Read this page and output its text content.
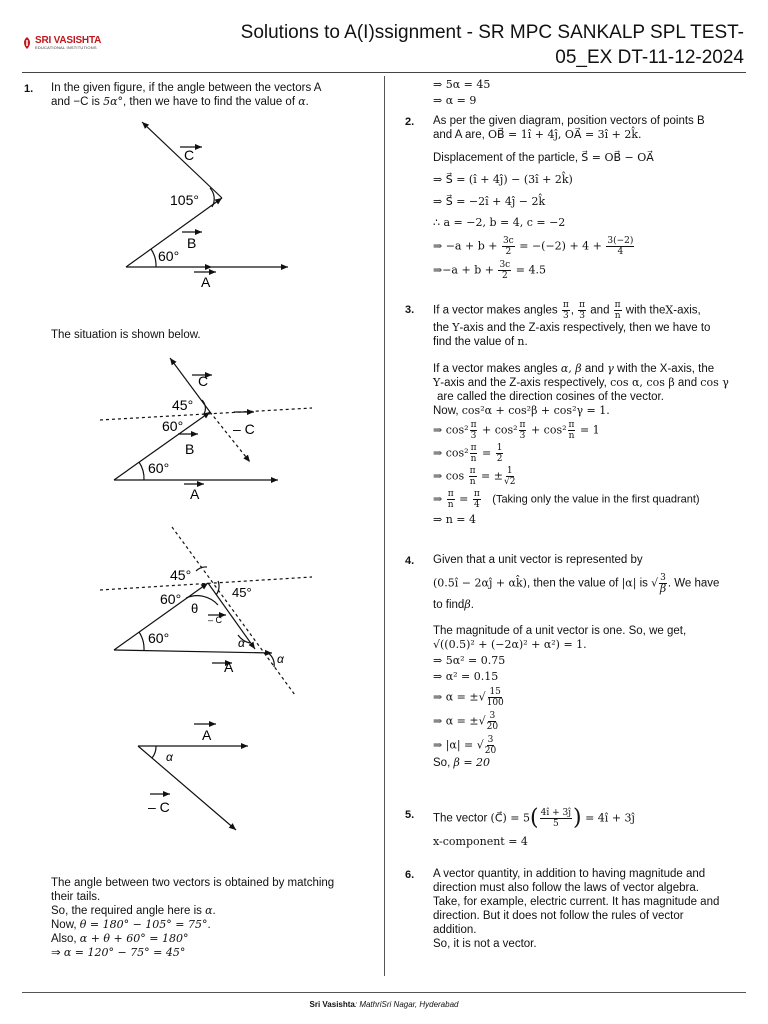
SRI VASISHTA
EDUCATIONAL INSTITUTIONS
Solutions to A(I)ssignment - SR MPC SANKALP SPL TEST-
05_EX DT-11-12-2024
1. In the given figure, if the angle between the vectors A
and −C is 5α°, then we have to find the value of α.
C
B
A
105°
60°
The situation is shown below.
C
B
A
– C
45°
60°
60°
45°
45°
60°
60°
θ
– C
α
α
A
A
– C
α
The angle between two vectors is obtained by matching
their tails.
So, the required angle here is α.
Now, θ = 180° − 105° = 75°.
Also, α + θ + 60° = 180°
⇒ α = 120° − 75° = 45°
⇒ 5α = 45
⇒ α = 9
2. As per the given diagram, position vectors of points B
and A are, OB⃗ = 1î + 4ĵ, OA⃗ = 3î + 2k̂.
Displacement of the particle, S⃗ = OB⃗ − OA⃗
⇒ S⃗ = (î + 4ĵ) − (3î + 2k̂)
⇒ S⃗ = −2î + 4ĵ − 2k̂
∴ a = −2, b = 4, c = −2
⇒ $-a + b + \frac{3c}{2} = -(-2) + 4 + \frac{3(-2)}{4}$
⇒−a + $b + \frac{3c}{2} = 4.5$
3. If a vector makes angles $\frac{\pi}{3}$ , $\frac{\pi}{3}$ and $\frac{\pi}{n}$ with theX-axis,
the Y-axis and the Z-axis respectively, then we have to
find the value of n.
If a vector makes angles α, β and γ with the X-axis, the
Y-axis and the Z-axis respectively, cos α, cos β and cos γ
are called the direction cosines of the vector.
Now, cos²α + cos²β + cos²γ = 1.
⇒ $\cos^2 \frac{\pi}{3} + \cos^2 \frac{\pi}{3} + \cos^2 \frac{\pi}{n} = 1$
⇒ $\cos^2 \frac{\pi}{n} = \frac{1}{2}$
⇒ $\cos \frac{\pi}{n}$ = ± $\frac{1}{√2}$
⇒ $\frac{\pi}{n} = \frac{\pi}{4}$ (Taking only the value in the first quadrant)
⇒ n = 4
4. Given that a unit vector is represented by
(0.5î − 2αĵ + αk̂), then the value of |α| is √ $\frac{3}{\beta}$ . We have
to findβ.
The magnitude of a unit vector is one. So, we get,
√((0.5)² + (−2α)² + α²) = 1.
⇒ 5α² = 0.75
⇒ α² = 0.15
⇒ α = ±√ $\frac{15}{100}$
⇒ α = ±√ $\frac{3}{20}$
⇒ |α| = √ $\frac{3}{20}$
So, β = 20
5. The vector (C⃗) = $5( \frac{4î + 3ĵ}{5}$ ) = 4î + 3ĵ
x-component = 4
6. A vector quantity, in addition to having magnitude and
direction must also follow the laws of vector algebra.
Take, for example, electric current. It has magnitude and
direction. But it does not follow the rules of vector
addition.
So, it is not a vector.
Sri Vasishta: MathriSri Nagar, Hyderabad
